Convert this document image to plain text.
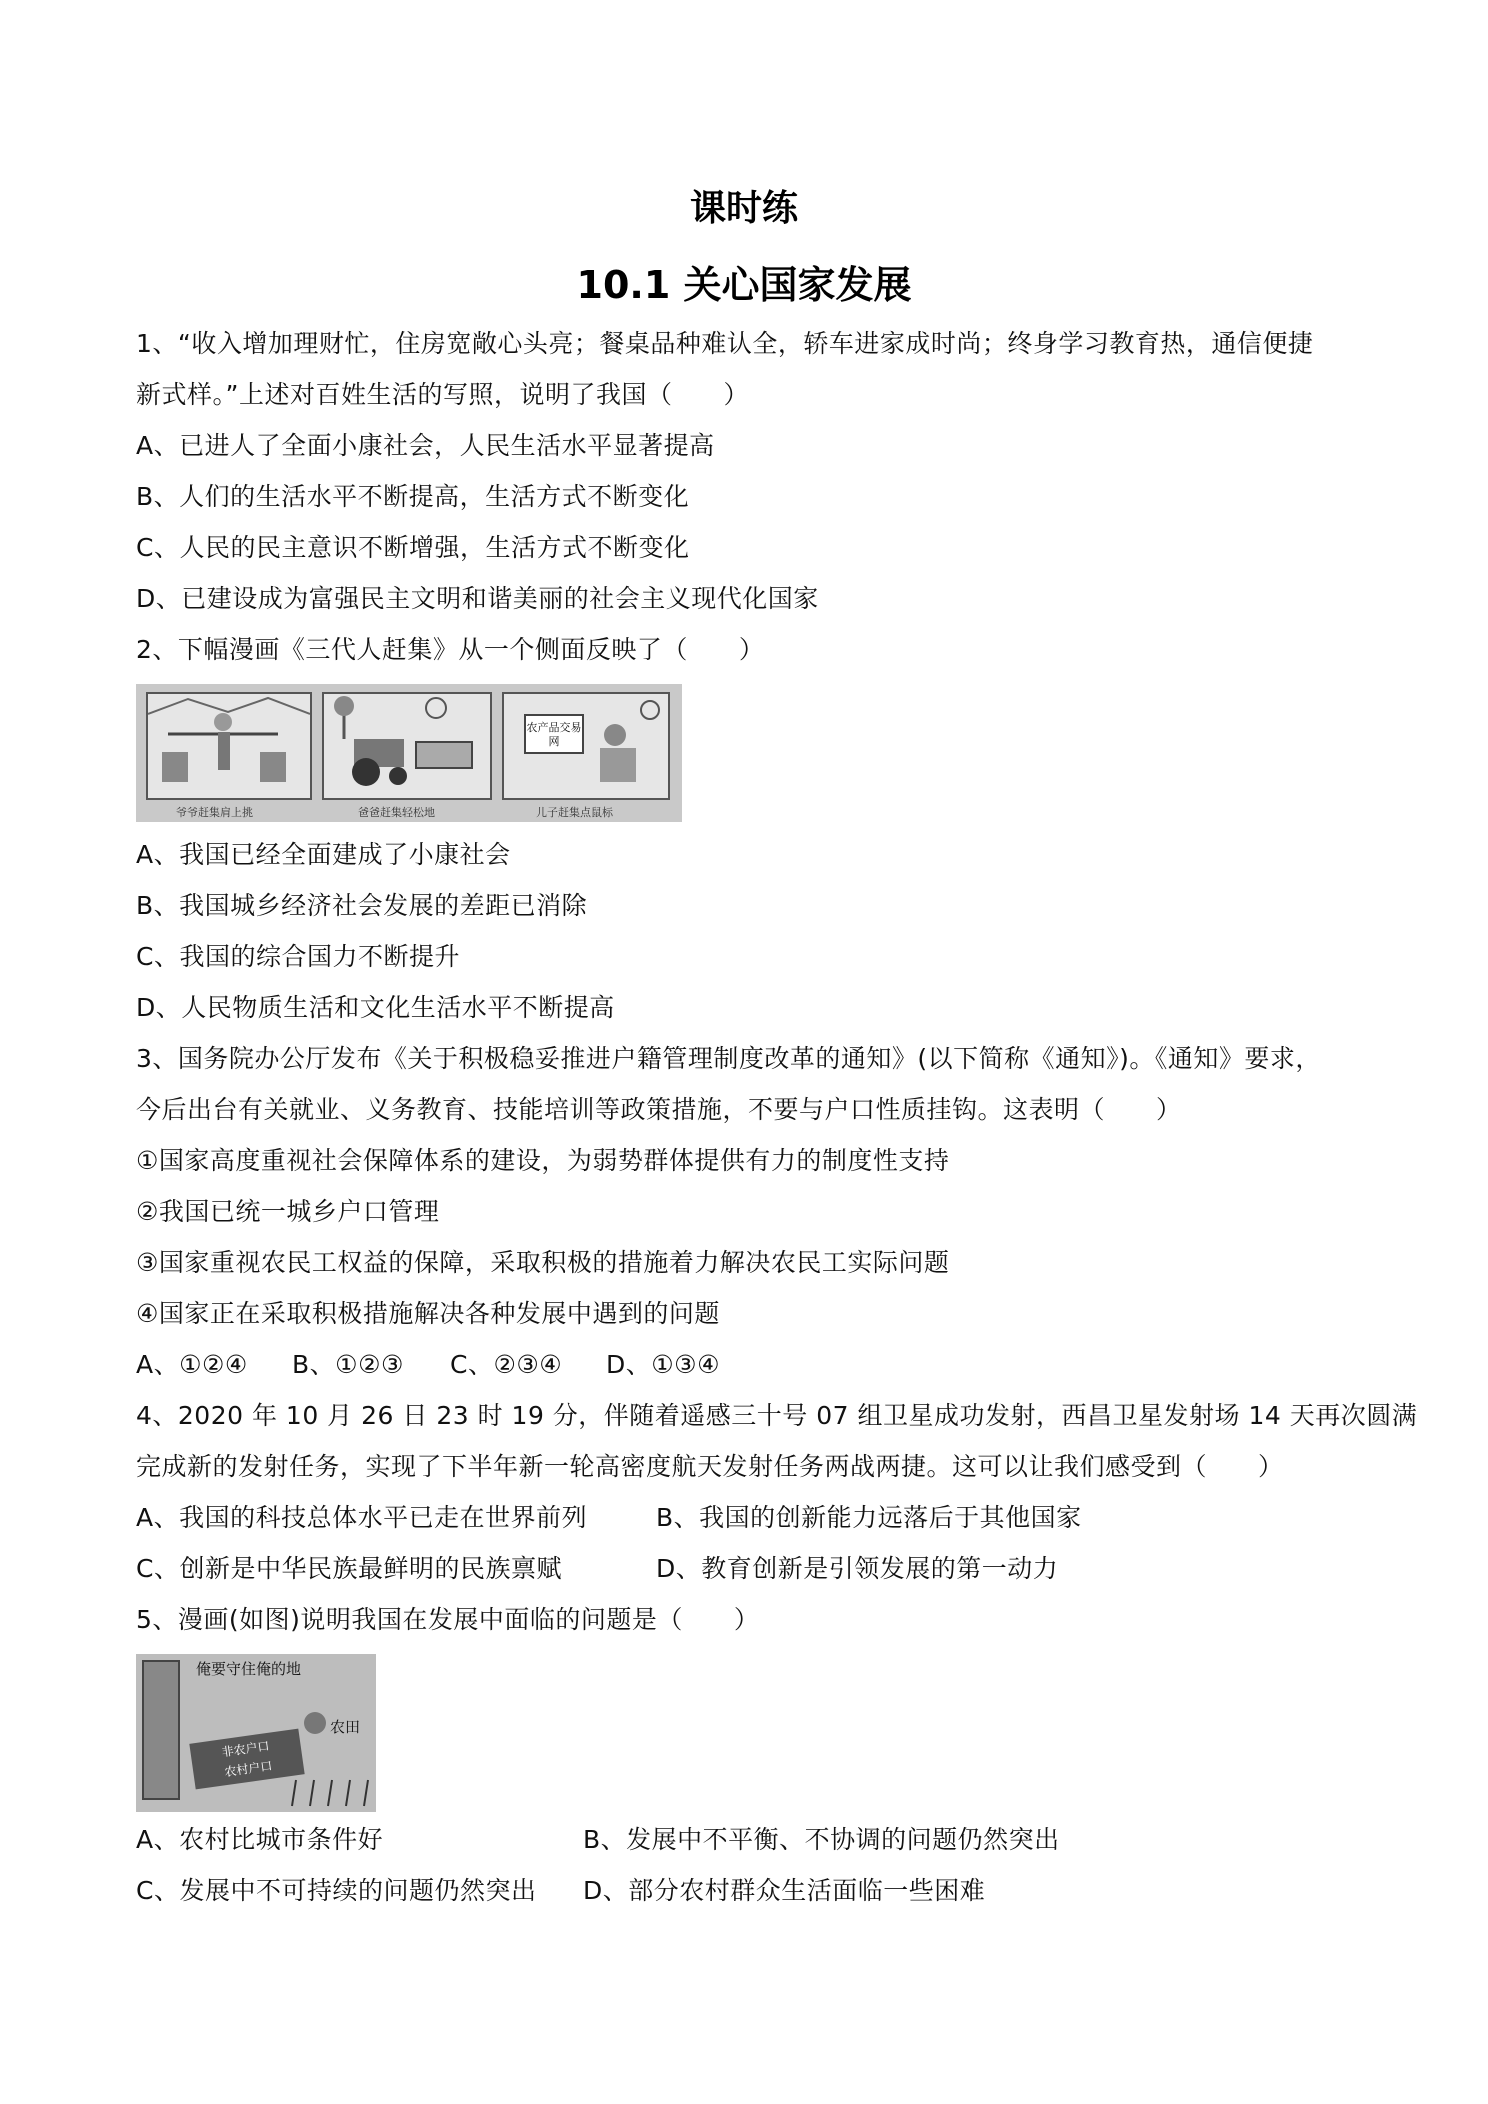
课时练
10.1 关心国家发展
1、“收入增加理财忙，住房宽敞心头亮；餐桌品种难认全，轿车进家成时尚；终身学习教育热，通信便捷
新式样。”上述对百姓生活的写照，说明了我国（　　）
A、已进人了全面小康社会，人民生活水平显著提高
B、人们的生活水平不断提高，生活方式不断变化
C、人民的民主意识不断增强，生活方式不断变化
D、已建设成为富强民主文明和谐美丽的社会主义现代化国家
2、下幅漫画《三代人赶集》从一个侧面反映了（　　）
农产品交易网
爷爷赶集肩上挑	爸爸赶集轻松地	儿子赶集点鼠标
A、我国已经全面建成了小康社会
B、我国城乡经济社会发展的差距已消除
C、我国的综合国力不断提升
D、人民物质生活和文化生活水平不断提高
3、国务院办公厅发布《关于积极稳妥推进户籍管理制度改革的通知》(以下简称《通知》)。《通知》要求，
今后出台有关就业、义务教育、技能培训等政策措施，不要与户口性质挂钩。这表明（　　）
①国家高度重视社会保障体系的建设，为弱势群体提供有力的制度性支持
②我国已统一城乡户口管理
③国家重视农民工权益的保障，采取积极的措施着力解决农民工实际问题
④国家正在采取积极措施解决各种发展中遇到的问题
A、①②④ B、①②③ C、②③④ D、①③④
4、2020 年 10 月 26 日 23 时 19 分，伴随着遥感三十号 07 组卫星成功发射，西昌卫星发射场 14 天再次圆满
完成新的发射任务，实现了下半年新一轮高密度航天发射任务两战两捷。这可以让我们感受到（　　）
A、我国的科技总体水平已走在世界前列	B、我国的创新能力远落后于其他国家
C、创新是中华民族最鲜明的民族禀赋	D、教育创新是引领发展的第一动力
5、漫画(如图)说明我国在发展中面临的问题是（　　）
俺要守住俺的地
农田
非农户口
农村户口
A、农村比城市条件好	B、发展中不平衡、不协调的问题仍然突出
C、发展中不可持续的问题仍然突出 D、部分农村群众生活面临一些困难
